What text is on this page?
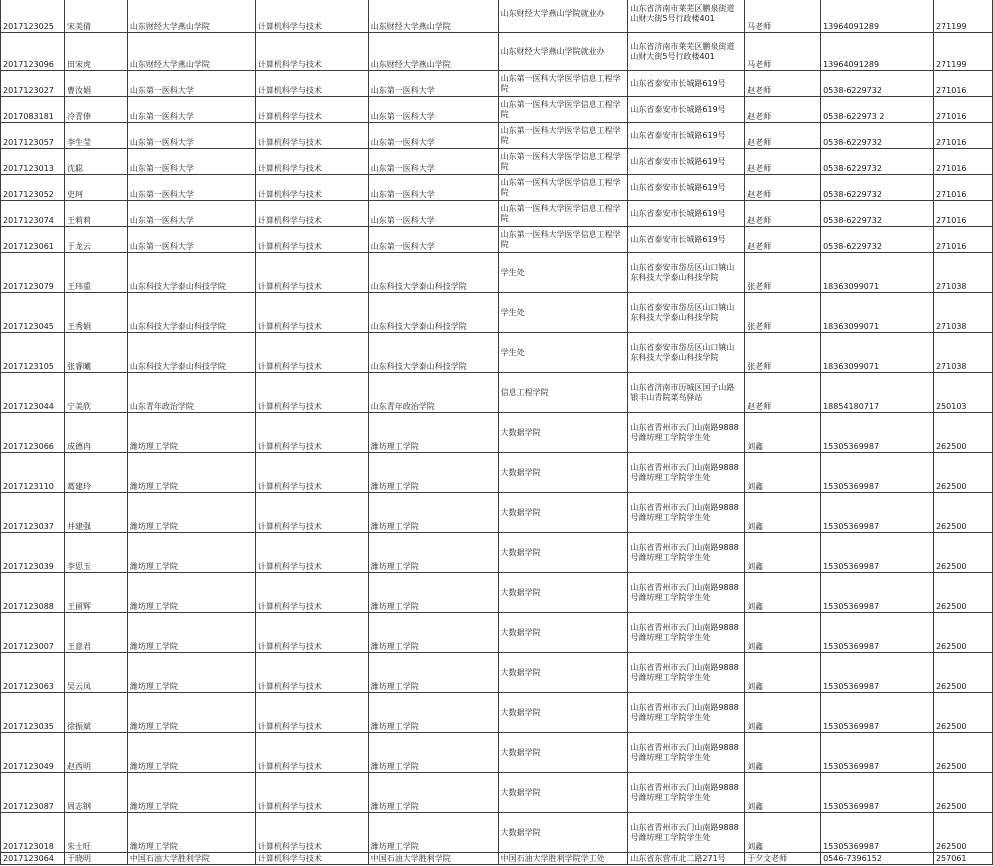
2017123025	宋美倩	山东财经大学燕山学院	计算机科学与技术	山东财经大学燕山学院	山东财经大学燕山学院就业办	山东省济南市莱芜区鹏泉街道山财大街5号行政楼401	马老师	13964091289	271199
2017123096	田宋虎	山东财经大学燕山学院	计算机科学与技术	山东财经大学燕山学院	山东财经大学燕山学院就业办	山东省济南市莱芜区鹏泉街道山财大街5号行政楼401	马老师	13964091289	271199
2017123027	曹汝娟	山东第一医科大学	计算机科学与技术	山东第一医科大学	山东第一医科大学医学信息工程学院	山东省泰安市长城路619号	赵老师	0538-6229732	271016
2017083181	冷青俸	山东第一医科大学	计算机科学与技术	山东第一医科大学	山东第一医科大学医学信息工程学院	山东省泰安市长城路619号	赵老师	0538-622973 2	271016
2017123057	李生莹	山东第一医科大学	计算机科学与技术	山东第一医科大学	山东第一医科大学医学信息工程学院	山东省泰安市长城路619号	赵老师	0538-6229732	271016
2017123013	沈聪	山东第一医科大学	计算机科学与技术	山东第一医科大学	山东第一医科大学医学信息工程学院	山东省泰安市长城路619号	赵老师	0538-6229732	271016
2017123052	史珂	山东第一医科大学	计算机科学与技术	山东第一医科大学	山东第一医科大学医学信息工程学院	山东省泰安市长城路619号	赵老师	0538-6229732	271016
2017123074	王莉莉	山东第一医科大学	计算机科学与技术	山东第一医科大学	山东第一医科大学医学信息工程学院	山东省泰安市长城路619号	赵老师	0538-6229732	271016
2017123061	于龙云	山东第一医科大学	计算机科学与技术	山东第一医科大学	山东第一医科大学医学信息工程学院	山东省泰安市长城路619号	赵老师	0538-6229732	271016
2017123079	王玮重	山东科技大学泰山科技学院	计算机科学与技术	山东科技大学泰山科技学院	学生处	山东省泰安市岱岳区山口镇山东科技大学泰山科技学院	张老师	18363099071	271038
2017123045	王秀娟	山东科技大学泰山科技学院	计算机科学与技术	山东科技大学泰山科技学院	学生处	山东省泰安市岱岳区山口镇山东科技大学泰山科技学院	张老师	18363099071	271038
2017123105	张睿曦	山东科技大学泰山科技学院	计算机科学与技术	山东科技大学泰山科技学院	学生处	山东省泰安市岱岳区山口镇山东科技大学泰山科技学院	张老师	18363099071	271038
2017123044	宁美欣	山东青年政治学院	计算机科学与技术	山东青年政治学院	信息工程学院	山东省济南市历城区国子山路银丰山青院菜鸟驿站	赵老师	18854180717	250103
2017123066	成德冉	潍坊理工学院	计算机科学与技术	潍坊理工学院	大数据学院	山东省青州市云门山南路9888号潍坊理工学院学生处	刘鑫	15305369987	262500
2017123110	葛建玲	潍坊理工学院	计算机科学与技术	潍坊理工学院	大数据学院	山东省青州市云门山南路9888号潍坊理工学院学生处	刘鑫	15305369987	262500
2017123037	井建强	潍坊理工学院	计算机科学与技术	潍坊理工学院	大数据学院	山东省青州市云门山南路9888号潍坊理工学院学生处	刘鑫	15305369987	262500
2017123039	李思玉	潍坊理工学院	计算机科学与技术	潍坊理工学院	大数据学院	山东省青州市云门山南路9888号潍坊理工学院学生处	刘鑫	15305369987	262500
2017123088	王留辉	潍坊理工学院	计算机科学与技术	潍坊理工学院	大数据学院	山东省青州市云门山南路9888号潍坊理工学院学生处	刘鑫	15305369987	262500
2017123007	王意君	潍坊理工学院	计算机科学与技术	潍坊理工学院	大数据学院	山东省青州市云门山南路9888号潍坊理工学院学生处	刘鑫	15305369987	262500
2017123063	吴云凤	潍坊理工学院	计算机科学与技术	潍坊理工学院	大数据学院	山东省青州市云门山南路9888号潍坊理工学院学生处	刘鑫	15305369987	262500
2017123035	徐振斌	潍坊理工学院	计算机科学与技术	潍坊理工学院	大数据学院	山东省青州市云门山南路9888号潍坊理工学院学生处	刘鑫	15305369987	262500
2017123049	赵西明	潍坊理工学院	计算机科学与技术	潍坊理工学院	大数据学院	山东省青州市云门山南路9888号潍坊理工学院学生处	刘鑫	15305369987	262500
2017123087	周志钢	潍坊理工学院	计算机科学与技术	潍坊理工学院	大数据学院	山东省青州市云门山南路9888号潍坊理工学院学生处	刘鑫	15305369987	262500
2017123018	朱士旺	潍坊理工学院	计算机科学与技术	潍坊理工学院	大数据学院	山东省青州市云门山南路9888号潍坊理工学院学生处	刘鑫	15305369987	262500
2017123064	于晓明	中国石油大学胜利学院	计算机科学与技术	中国石油大学胜利学院	中国石油大学胜利学院学工处	山东省东营市北二路271号	于夕文老师	0546-7396152	257061
